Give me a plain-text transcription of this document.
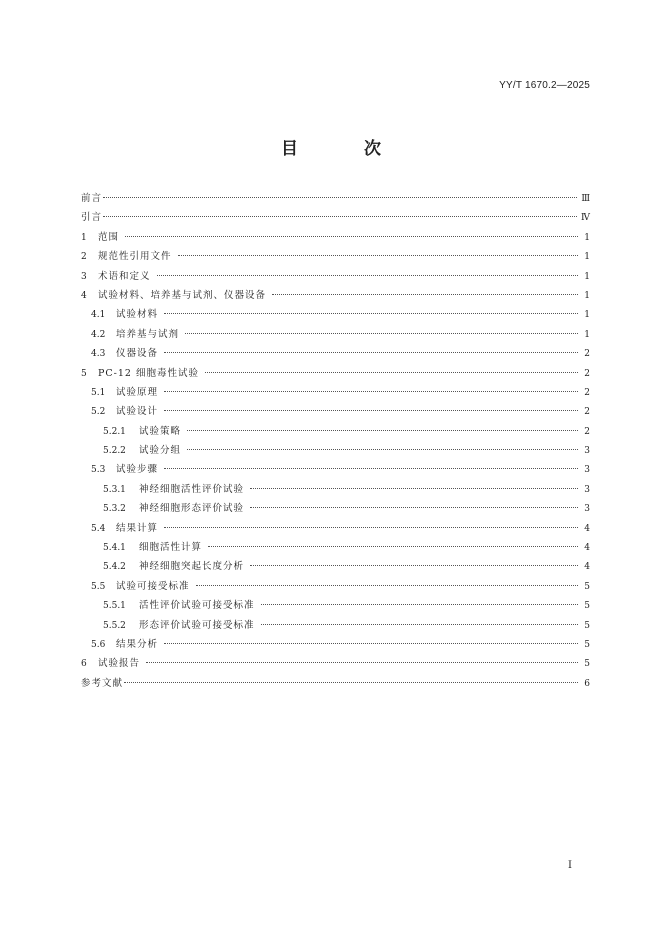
YY/T 1670.2—2025
目 次
前言	Ⅲ
引言	Ⅳ
1	范围	1
2	规范性引用文件	1
3	术语和定义	1
4	试验材料、培养基与试剂、仪器设备	1
4.1	试验材料	1
4.2	培养基与试剂	1
4.3	仪器设备	2
5	PC-12 细胞毒性试验	2
5.1	试验原理	2
5.2	试验设计	2
5.2.1	试验策略	2
5.2.2	试验分组	3
5.3	试验步骤	3
5.3.1	神经细胞活性评价试验	3
5.3.2	神经细胞形态评价试验	3
5.4	结果计算	4
5.4.1	细胞活性计算	4
5.4.2	神经细胞突起长度分析	4
5.5	试验可接受标准	5
5.5.1	活性评价试验可接受标准	5
5.5.2	形态评价试验可接受标准	5
5.6	结果分析	5
6	试验报告	5
参考文献	6
I
